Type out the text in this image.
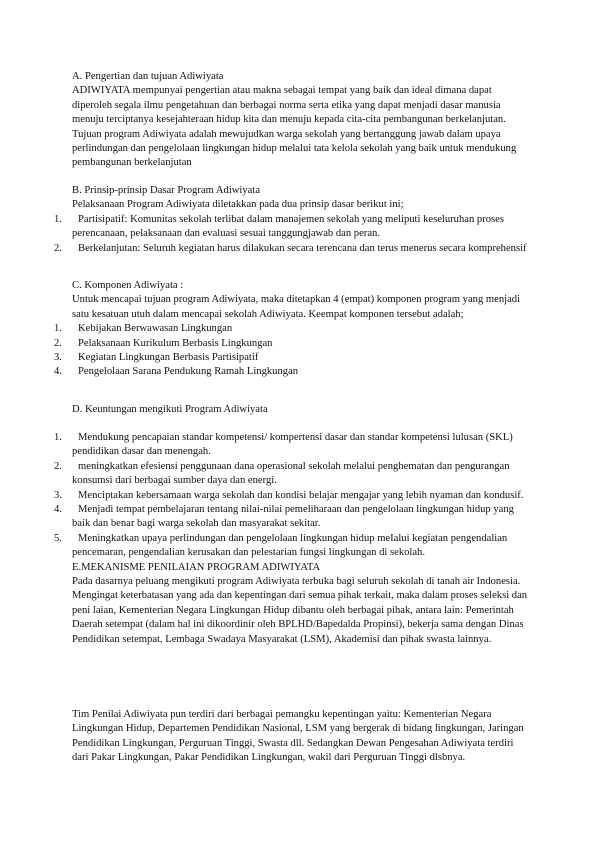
A. Pengertian dan tujuan Adiwiyata

ADIWIYATA mempunyai pengertian atau makna sebagai tempat yang baik dan ideal dimana dapat diperoleh segala ilmu pengetahuan dan berbagai norma serta etika yang dapat menjadi dasar manusia menuju terciptanya kesejahteraan hidup kita dan menuju kepada cita-cita pembangunan berkelanjutan. Tujuan program Adiwiyata adalah mewujudkan warga sekolah yang bertanggung jawab dalam upaya perlindungan dan pengelolaan lingkungan hidup melalui tata kelola sekolah yang baik untuk mendukung pembangunan berkelanjutan

B. Prinsip-prinsip Dasar Program Adiwiyata

Pelaksanaan Program Adiwiyata diletakkan pada dua prinsip dasar berikut ini;

1.	Partisipatif: Komunitas sekolah terlibat dalam manajemen sekolah yang meliputi keseluruhan proses perencanaan, pelaksanaan dan evaluasi sesuai tanggungjawab dan peran.
2.	Berkelanjutan: Seluruh kegiatan harus dilakukan secara terencana dan terus menerus secara komprehensif

C. Komponen Adiwiyata :

Untuk mencapai tujuan program Adiwiyata, maka ditetapkan 4 (empat) komponen program yang menjadi satu kesatuan utuh dalam mencapai sekolah Adiwiyata. Keempat komponen tersebut adalah;

1.	Kebijakan Berwawasan Lingkungan
2.	Pelaksanaan Kurikulum Berbasis Lingkungan
3.	Kegiatan Lingkungan Berbasis Partisipatif
4.	Pengelolaan Sarana Pendukung Ramah Lingkungan

D. Keuntungan mengikuti Program Adiwiyata

1.	Mendukung pencapaian standar kompetensi/ kompertensi dasar dan standar kompetensi lulusan (SKL) pendidikan dasar dan menengah.
2.	meningkatkan efesiensi penggunaan dana operasional sekolah melalui penghematan dan pengurangan konsumsi dari berbagai sumber daya dan energi.
3.	Menciptakan kebersamaan warga sekolah dan kondisi belajar mengajar yang lebih nyaman dan kondusif.
4.	Menjadi tempat pembelajaran tentang nilai-nilai pemeliharaan dan pengelolaan lingkungan hidup yang baik dan benar bagi warga sekolah dan masyarakat sekitar.
5.	Meningkatkan upaya perlindungan dan pengelolaan lingkungan hidup meIalui kegiatan pengendalian pencemaran, pengendalian kerusakan dan pelestarian fungsi lingkungan di sekolah.

E.MEKANISME PENILAIAN PROGRAM ADIWIYATA

Pada dasarnya peluang mengikuti program Adiwiyata terbuka bagi seluruh sekolah di tanah air Indonesia. Mengingat keterbatasan yang ada dan kepentingan dari semua pihak terkait, maka dalam proses seleksi dan peni laian, Kementerian Negara Lingkungan Hidup dibantu oleh berbagai pihak, antara lain: Pemerintah Daerah setempat (dalam hal ini dikoordinir oleh BPLHD/Bapedalda Propinsi), bekerja sama dengan Dinas Pendidikan setempat, Lembaga Swadaya Masyarakat (LSM), Akademisi dan pihak swasta lainnya.

Tim Penilai Adiwiyata pun terdiri dari berbagai pemangku kepentingan yaitu: Kementerian Negara Lingkungan Hidup, Departemen Pendidikan Nasional, LSM yang bergerak di bidang lingkungan, Jaringan Pendidikan Lingkungan, Perguruan Tinggi, Swasta dll. Sedangkan Dewan Pengesahan Adiwiyata terdiri dari Pakar Lingkungan, Pakar Pendidikan Lingkungan, wakil dari Perguruan Tinggi dlsbnya.
